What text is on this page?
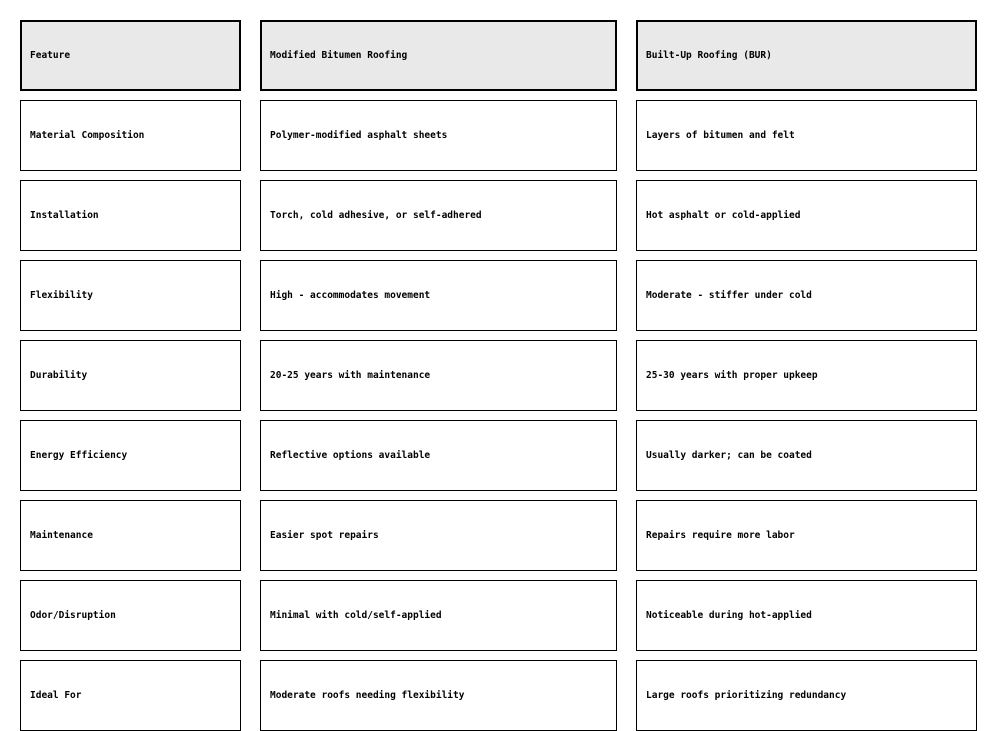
Feature	Modified Bitumen Roofing	Built-Up Roofing (BUR)
Material Composition	Polymer-modified asphalt sheets	Layers of bitumen and felt
Installation	Torch, cold adhesive, or self-adhered	Hot asphalt or cold-applied
Flexibility	High - accommodates movement	Moderate - stiffer under cold
Durability	20-25 years with maintenance	25-30 years with proper upkeep
Energy Efficiency	Reflective options available	Usually darker; can be coated
Maintenance	Easier spot repairs	Repairs require more labor
Odor/Disruption	Minimal with cold/self-applied	Noticeable during hot-applied
Ideal For	Moderate roofs needing flexibility	Large roofs prioritizing redundancy
